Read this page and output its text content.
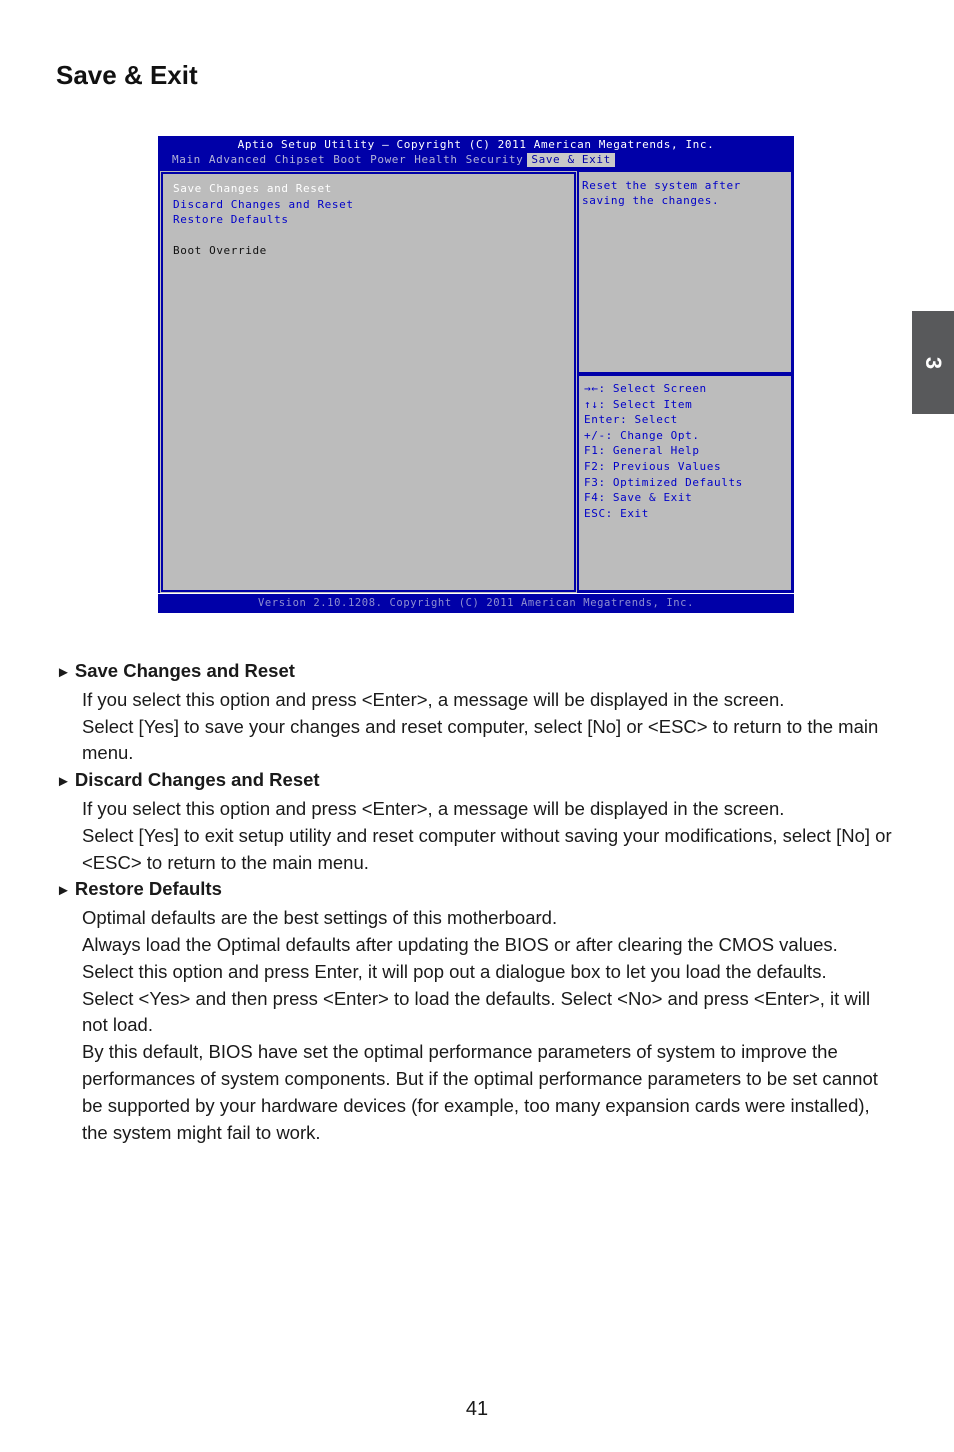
Save & Exit
3
Aptio Setup Utility – Copyright (C) 2011 American Megatrends, Inc.
Main Advanced Chipset Boot Power Health Security Save & Exit
Save Changes and Reset
Discard Changes and Reset
Restore Defaults
Boot Override
Reset the system after saving the changes.
→←: Select Screen
↑↓: Select Item
Enter: Select
+/-: Change Opt.
F1: General Help
F2: Previous Values
F3: Optimized Defaults
F4: Save & Exit
ESC: Exit
Version 2.10.1208. Copyright (C) 2011 American Megatrends, Inc.

► Save Changes and Reset

If you select this option and press <Enter>, a message will be displayed in the screen.

Select [Yes] to save your changes and reset computer, select [No] or <ESC> to return to the main menu.

► Discard Changes and Reset

If you select this option and press <Enter>, a message will be displayed in the screen.

Select [Yes] to exit setup utility and reset computer without saving your modifications, select [No] or <ESC> to return to the main menu.

► Restore Defaults

Optimal defaults are the best settings of this motherboard.

Always load the Optimal defaults after updating the BIOS or after clearing the CMOS values.

Select this option and press Enter, it will pop out a dialogue box to let you load the defaults.

Select <Yes> and then press <Enter> to load the defaults. Select <No> and press <Enter>, it will not load.

By this default, BIOS have set the optimal performance parameters of system to improve the performances of system components. But if the optimal performance parameters to be set cannot be supported by your hardware devices (for example, too many expansion cards were installed), the system might fail to work.

41
